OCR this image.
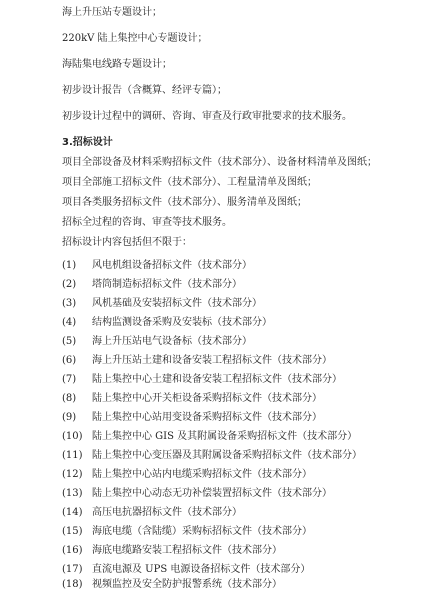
海上升压站专题设计；
220kV 陆上集控中心专题设计；
海陆集电线路专题设计；
初步设计报告（含概算、经评专篇）；
初步设计过程中的调研、咨询、审查及行政审批要求的技术服务。
3.招标设计
项目全部设备及材料采购招标文件（技术部分）、设备材料清单及图纸；
项目全部施工招标文件（技术部分）、工程量清单及图纸；
项目各类服务招标文件（技术部分）、服务清单及图纸；
招标全过程的咨询、审查等技术服务。
招标设计内容包括但不限于：
(1) 风电机组设备招标文件（技术部分）
(2) 塔筒制造标招标文件（技术部分）
(3) 风机基础及安装招标文件（技术部分）
(4) 结构监测设备采购及安装标（技术部分）
(5) 海上升压站电气设备标（技术部分）
(6) 海上升压站土建和设备安装工程招标文件（技术部分）
(7) 陆上集控中心土建和设备安装工程招标文件（技术部分）
(8) 陆上集控中心开关柜设备采购招标文件（技术部分）
(9) 陆上集控中心站用变设备采购招标文件（技术部分）
(10) 陆上集控中心 GIS 及其附属设备采购招标文件（技术部分）
(11) 陆上集控中心变压器及其附属设备采购招标文件（技术部分）
(12) 陆上集控中心站内电缆采购招标文件（技术部分）
(13) 陆上集控中心动态无功补偿装置招标文件（技术部分）
(14) 高压电抗器招标文件（技术部分）
(15) 海底电缆（含陆缆）采购标招标文件（技术部分）
(16) 海底电缆路安装工程招标文件（技术部分）
(17) 直流电源及 UPS 电源设备招标文件（技术部分）
(18) 视频监控及安全防护报警系统（技术部分）
